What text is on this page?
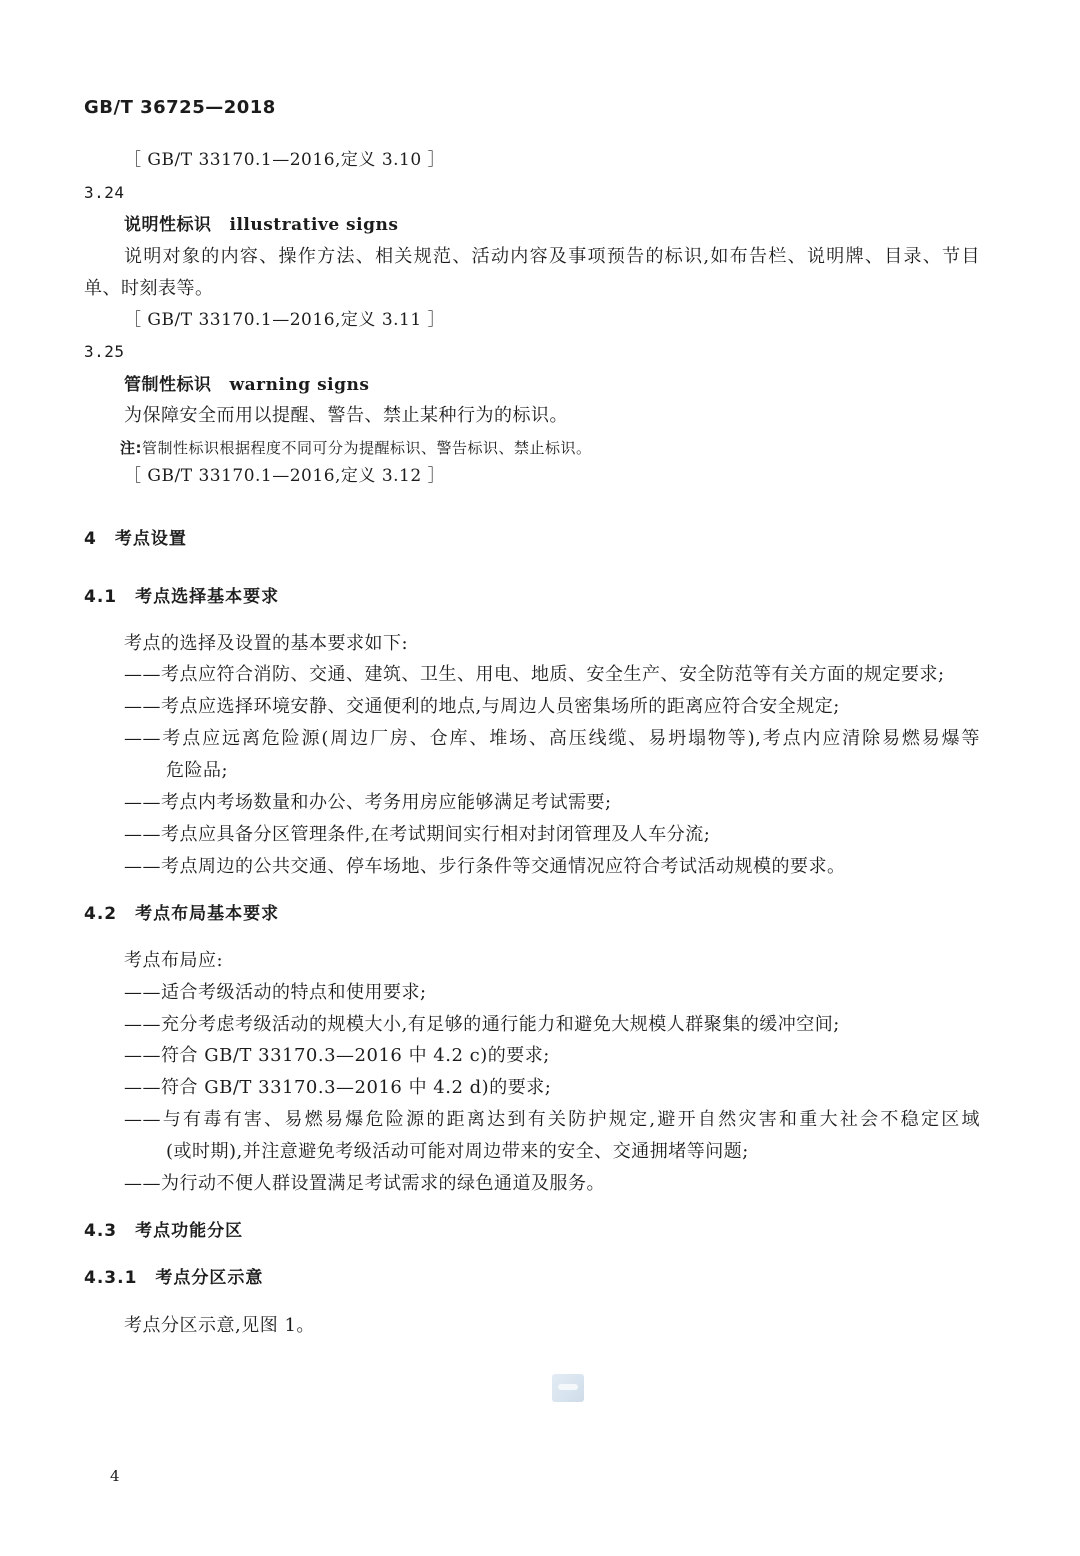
GB/T 36725—2018
［ GB/T 33170.1—2016,定义 3.10 ］
3.24
说明性标识 illustrative signs
说明对象的内容、操作方法、相关规范、活动内容及事项预告的标识,如布告栏、说明牌、目录、节目
单、时刻表等。
［ GB/T 33170.1—2016,定义 3.11 ］
3.25
管制性标识 warning signs
为保障安全而用以提醒、警告、禁止某种行为的标识。
注:管制性标识根据程度不同可分为提醒标识、警告标识、禁止标识。
［ GB/T 33170.1—2016,定义 3.12 ］
4 考点设置
4.1 考点选择基本要求
考点的选择及设置的基本要求如下:
——考点应符合消防、交通、建筑、卫生、用电、地质、安全生产、安全防范等有关方面的规定要求;
——考点应选择环境安静、交通便利的地点,与周边人员密集场所的距离应符合安全规定;
——考点应远离危险源(周边厂房、仓库、堆场、高压线缆、易坍塌物等),考点内应清除易燃易爆等
危险品;
——考点内考场数量和办公、考务用房应能够满足考试需要;
——考点应具备分区管理条件,在考试期间实行相对封闭管理及人车分流;
——考点周边的公共交通、停车场地、步行条件等交通情况应符合考试活动规模的要求。
4.2 考点布局基本要求
考点布局应:
——适合考级活动的特点和使用要求;
——充分考虑考级活动的规模大小,有足够的通行能力和避免大规模人群聚集的缓冲空间;
——符合 GB/T 33170.3—2016 中 4.2 c)的要求;
——符合 GB/T 33170.3—2016 中 4.2 d)的要求;
——与有毒有害、易燃易爆危险源的距离达到有关防护规定,避开自然灾害和重大社会不稳定区域
(或时期),并注意避免考级活动可能对周边带来的安全、交通拥堵等问题;
——为行动不便人群设置满足考试需求的绿色通道及服务。
4.3 考点功能分区
4.3.1 考点分区示意
考点分区示意,见图 1。
4
